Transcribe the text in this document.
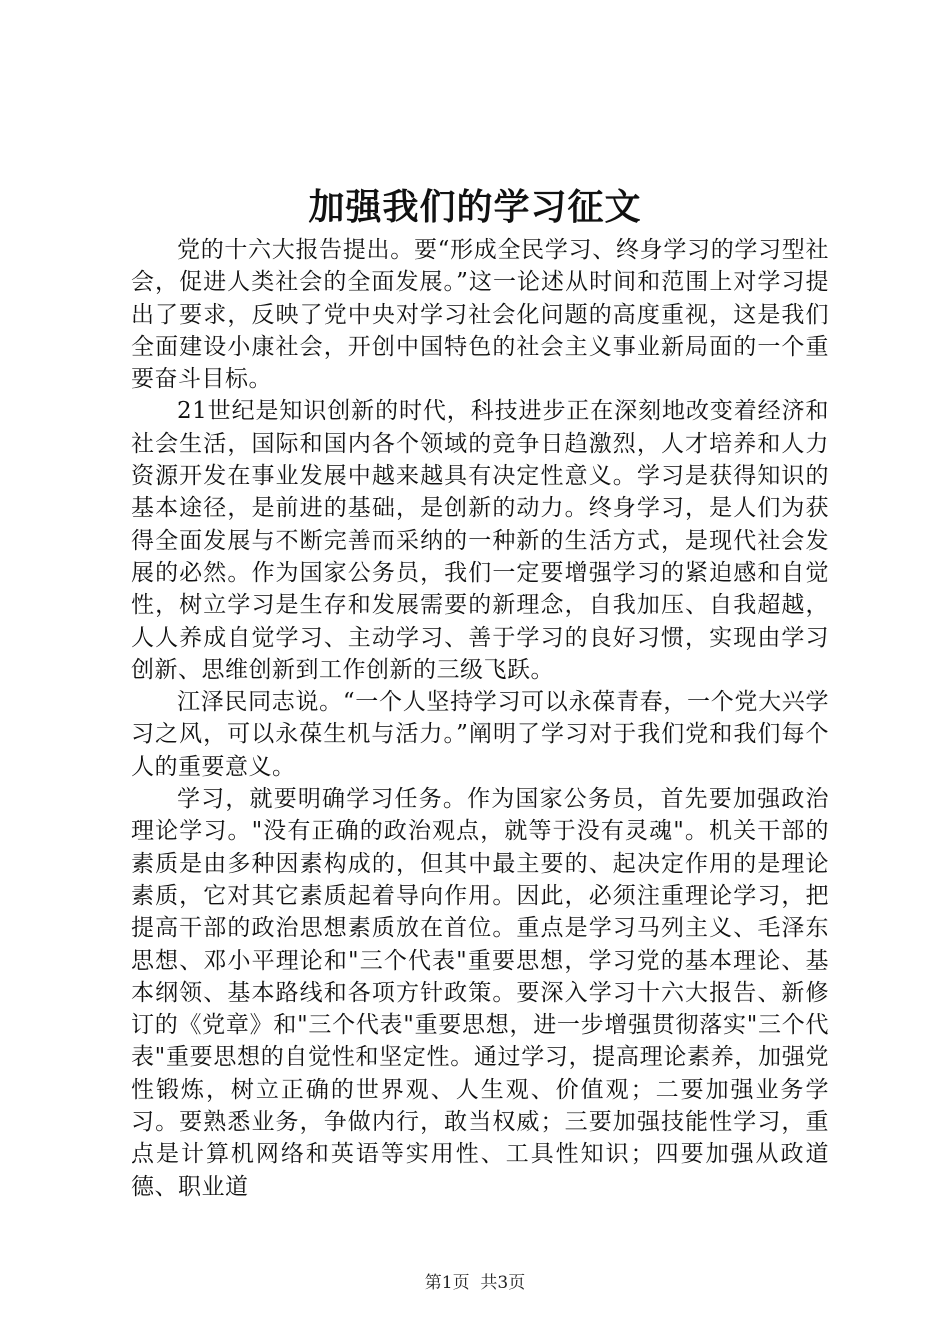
加强我们的学习征文

党的十六大报告提出。要“形成全民学习、终身学习的学习型社会，促进人类社会的全面发展。”这一论述从时间和范围上对学习提出了要求，反映了党中央对学习社会化问题的高度重视，这是我们全面建设小康社会，开创中国特色的社会主义事业新局面的一个重要奋斗目标。

21世纪是知识创新的时代，科技进步正在深刻地改变着经济和社会生活，国际和国内各个领域的竞争日趋激烈，人才培养和人力资源开发在事业发展中越来越具有决定性意义。学习是获得知识的基本途径，是前进的基础，是创新的动力。终身学习，是人们为获得全面发展与不断完善而采纳的一种新的生活方式，是现代社会发展的必然。作为国家公务员，我们一定要增强学习的紧迫感和自觉性，树立学习是生存和发展需要的新理念，自我加压、自我超越，人人养成自觉学习、主动学习、善于学习的良好习惯，实现由学习创新、思维创新到工作创新的三级飞跃。

江泽民同志说。“一个人坚持学习可以永葆青春，一个党大兴学习之风，可以永葆生机与活力。”阐明了学习对于我们党和我们每个人的重要意义。

学习，就要明确学习任务。作为国家公务员，首先要加强政治理论学习。"没有正确的政治观点，就等于没有灵魂"。机关干部的素质是由多种因素构成的，但其中最主要的、起决定作用的是理论素质，它对其它素质起着导向作用。因此，必须注重理论学习，把提高干部的政治思想素质放在首位。重点是学习马列主义、毛泽东思想、邓小平理论和"三个代表"重要思想，学习党的基本理论、基本纲领、基本路线和各项方针政策。要深入学习十六大报告、新修订的《党章》和"三个代表"重要思想，进一步增强贯彻落实"三个代表"重要思想的自觉性和坚定性。通过学习，提高理论素养，加强党性锻炼，树立正确的世界观、人生观、价值观；二要加强业务学习。要熟悉业务，争做内行，敢当权威；三要加强技能性学习，重点是计算机网络和英语等实用性、工具性知识；四要加强从政道德、职业道

第1页 共3页
